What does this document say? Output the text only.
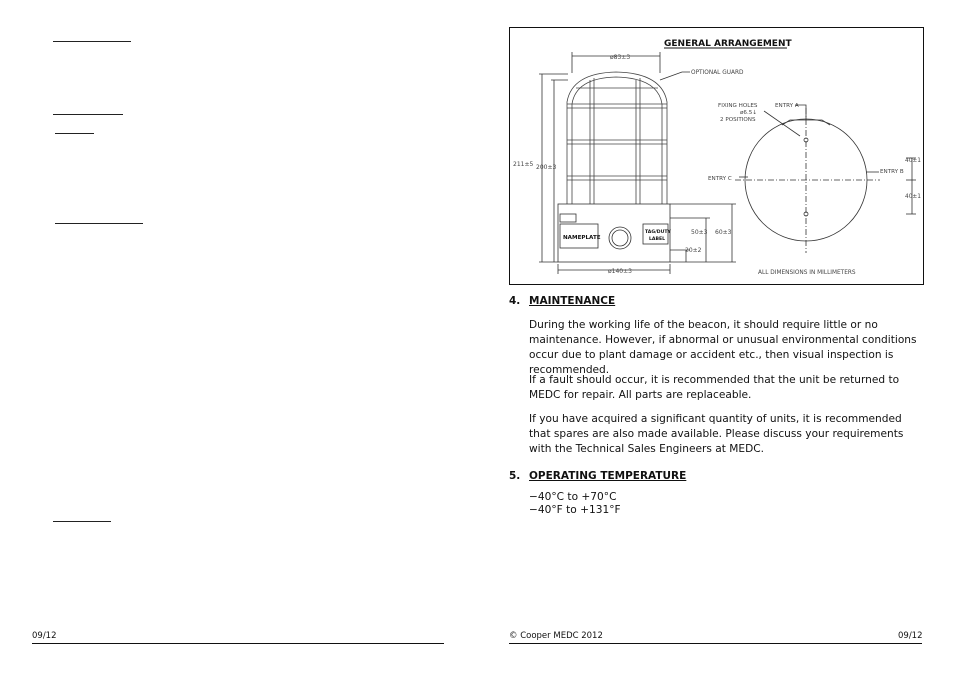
GENERAL ARRANGEMENT
ø83±3
OPTIONAL GUARD
NAMEPLATE
TAG/DUTY
LABEL
ø140±3
211±5 200±3
50±3 60±3
20±2
FIXING HOLES
ø6.5↓
2 POSITIONS
ENTRY A
ENTRY B
ENTRY C
40±1
40±1
ALL DIMENSIONS IN MILLIMETERS
4. MAINTENANCE
During the working life of the beacon, it should require little or no maintenance. However, if abnormal or unusual environmental conditions occur due to plant damage or accident etc., then visual inspection is recommended.
If a fault should occur, it is recommended that the unit be returned to MEDC for repair. All parts are replaceable.
If you have acquired a significant quantity of units, it is recommended that spares are also made available. Please discuss your requirements with the Technical Sales Engineers at MEDC.
5. OPERATING TEMPERATURE
−40°C to +70°C
−40°F to +131°F
09/12	© Cooper MEDC 2012	09/12
